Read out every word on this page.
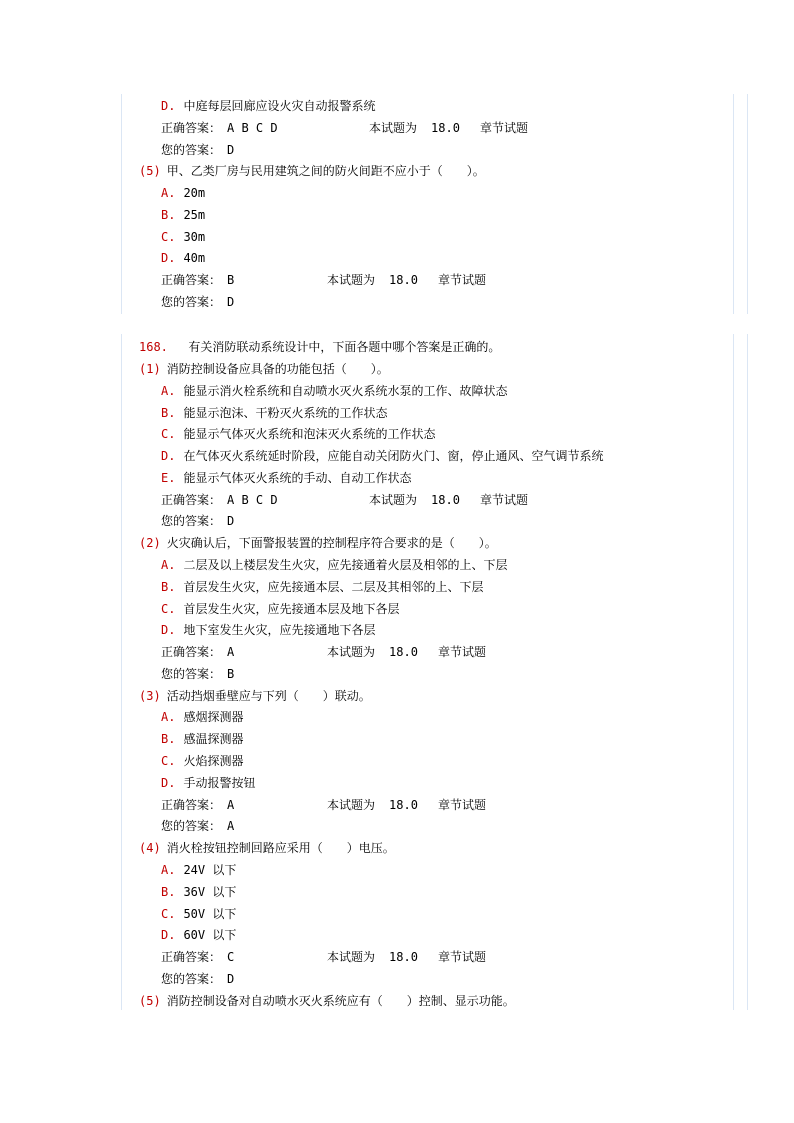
D. 中庭每层回廊应设火灾自动报警系统
正确答案： A B C D	本试题为 18.0 章节试题
您的答案： D
(5) 甲、乙类厂房与民用建筑之间的防火间距不应小于（　　）。
A. 20m
B. 25m
C. 30m
D. 40m
正确答案： B	本试题为 18.0 章节试题
您的答案： D
168. 有关消防联动系统设计中，下面各题中哪个答案是正确的。
(1) 消防控制设备应具备的功能包括（　　）。
A. 能显示消火栓系统和自动喷水灭火系统水泵的工作、故障状态
B. 能显示泡沫、干粉灭火系统的工作状态
C. 能显示气体灭火系统和泡沫灭火系统的工作状态
D. 在气体灭火系统延时阶段，应能自动关闭防火门、窗，停止通风、空气调节系统
E. 能显示气体灭火系统的手动、自动工作状态
正确答案： A B C D	本试题为 18.0 章节试题
您的答案： D
(2) 火灾确认后，下面警报装置的控制程序符合要求的是（　　）。
A. 二层及以上楼层发生火灾，应先接通着火层及相邻的上、下层
B. 首层发生火灾，应先接通本层、二层及其相邻的上、下层
C. 首层发生火灾，应先接通本层及地下各层
D. 地下室发生火灾，应先接通地下各层
正确答案： A	本试题为 18.0 章节试题
您的答案： B
(3) 活动挡烟垂壁应与下列（　　）联动。
A. 感烟探测器
B. 感温探测器
C. 火焰探测器
D. 手动报警按钮
正确答案： A	本试题为 18.0 章节试题
您的答案： A
(4) 消火栓按钮控制回路应采用（　　）电压。
A. 24V 以下
B. 36V 以下
C. 50V 以下
D. 60V 以下
正确答案： C	本试题为 18.0 章节试题
您的答案： D
(5) 消防控制设备对自动喷水灭火系统应有（　　）控制、显示功能。
